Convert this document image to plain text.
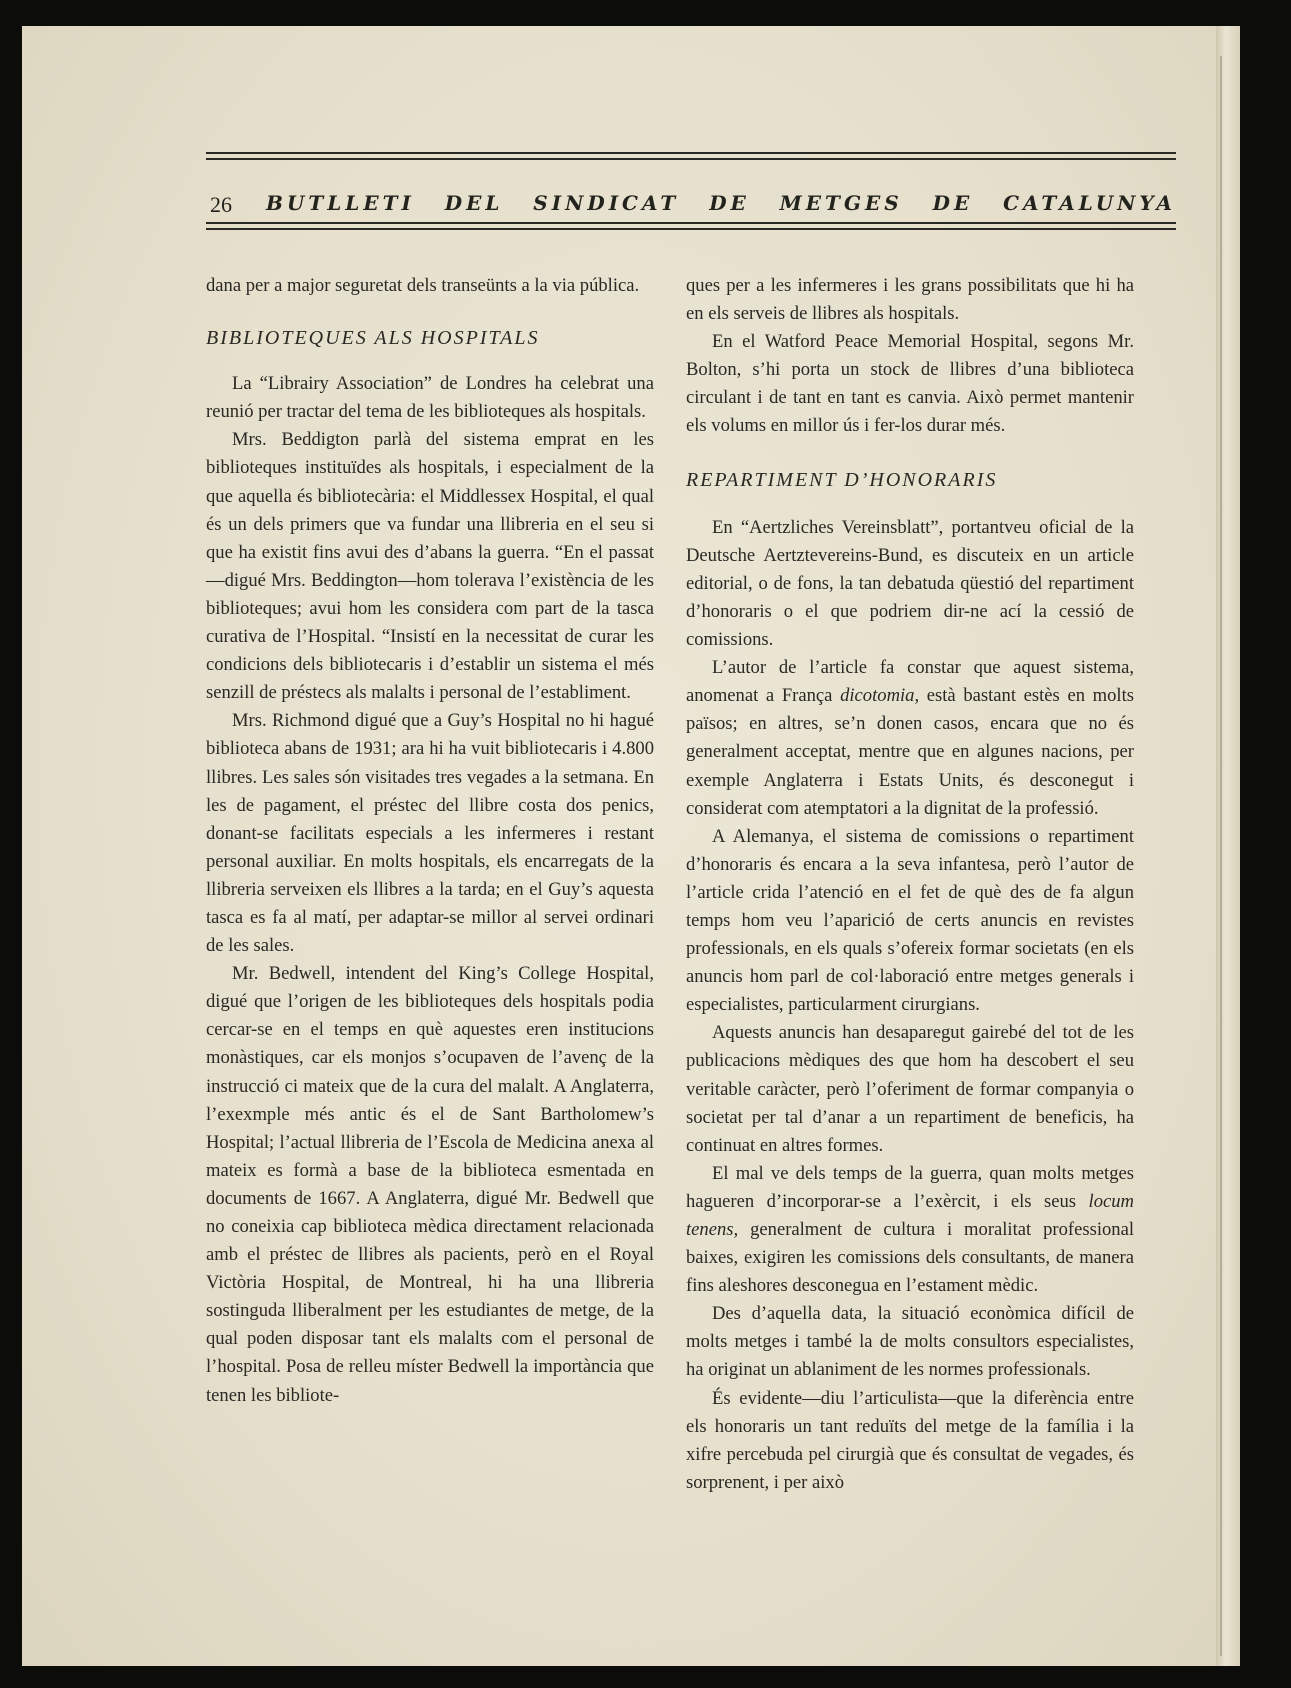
26 BUTLLETI DEL SINDICAT DE METGES DE CATALUNYA

dana per a major seguretat dels transeünts a la via pública.

BIBLIOTEQUES ALS HOSPITALS

La “Librairy Association” de Londres ha celebrat una reunió per tractar del tema de les biblioteques als hospitals.

Mrs. Beddigton parlà del sistema emprat en les biblioteques instituïdes als hospitals, i especialment de la que aquella és bibliotecària: el Middlessex Hospital, el qual és un dels primers que va fundar una llibreria en el seu si que ha existit fins avui des d’abans la guerra. “En el passat—digué Mrs. Beddington—hom tolerava l’existència de les biblioteques; avui hom les considera com part de la tasca curativa de l’Hospital. “Insistí en la necessitat de curar les condicions dels bibliotecaris i d’establir un sistema el més senzill de préstecs als malalts i personal de l’establiment.

Mrs. Richmond digué que a Guy’s Hospital no hi hagué biblioteca abans de 1931; ara hi ha vuit bibliotecaris i 4.800 llibres. Les sales són visitades tres vegades a la setmana. En les de pagament, el préstec del llibre costa dos penics, donant-se facilitats especials a les infermeres i restant personal auxiliar. En molts hospitals, els encarregats de la llibreria serveixen els llibres a la tarda; en el Guy’s aquesta tasca es fa al matí, per adaptar-se millor al servei ordinari de les sales.

Mr. Bedwell, intendent del King’s College Hospital, digué que l’origen de les biblioteques dels hospitals podia cercar-se en el temps en què aquestes eren institucions monàstiques, car els monjos s’ocupaven de l’avenç de la instrucció ci mateix que de la cura del malalt. A Anglaterra, l’exexmple més antic és el de Sant Bartholomew’s Hospital; l’actual llibreria de l’Escola de Medicina anexa al mateix es formà a base de la biblioteca esmentada en documents de 1667. A Anglaterra, digué Mr. Bedwell que no coneixia cap biblioteca mèdica directament relacionada amb el préstec de llibres als pacients, però en el Royal Victòria Hospital, de Montreal, hi ha una llibreria sostinguda lliberalment per les estudiantes de metge, de la qual poden disposar tant els malalts com el personal de l’hospital. Posa de relleu míster Bedwell la importància que tenen les bibliote-

ques per a les infermeres i les grans possibilitats que hi ha en els serveis de llibres als hospitals.

En el Watford Peace Memorial Hospital, segons Mr. Bolton, s’hi porta un stock de llibres d’una biblioteca circulant i de tant en tant es canvia. Això permet mantenir els volums en millor ús i fer-los durar més.

REPARTIMENT D’HONORARIS

En “Aertzliches Vereinsblatt”, portantveu oficial de la Deutsche Aertztevereins-Bund, es discuteix en un article editorial, o de fons, la tan debatuda qüestió del repartiment d’honoraris o el que podriem dir-ne ací la cessió de comissions.

L’autor de l’article fa constar que aquest sistema, anomenat a França dicotomia, està bastant estès en molts països; en altres, se’n donen casos, encara que no és generalment acceptat, mentre que en algunes nacions, per exemple Anglaterra i Estats Units, és desconegut i considerat com atemptatori a la dignitat de la professió.

A Alemanya, el sistema de comissions o repartiment d’honoraris és encara a la seva infantesa, però l’autor de l’article crida l’atenció en el fet de què des de fa algun temps hom veu l’aparició de certs anuncis en revistes professionals, en els quals s’ofereix formar societats (en els anuncis hom parl de col·laboració entre metges generals i especialistes, particularment cirurgians.

Aquests anuncis han desaparegut gairebé del tot de les publicacions mèdiques des que hom ha descobert el seu veritable caràcter, però l’oferiment de formar companyia o societat per tal d’anar a un repartiment de beneficis, ha continuat en altres formes.

El mal ve dels temps de la guerra, quan molts metges hagueren d’incorporar-se a l’exèrcit, i els seus locum tenens, generalment de cultura i moralitat professional baixes, exigiren les comissions dels consultants, de manera fins aleshores desconegua en l’estament mèdic.

Des d’aquella data, la situació econòmica difícil de molts metges i també la de molts consultors especialistes, ha originat un ablaniment de les normes professionals.

És evidente—diu l’articulista—que la diferència entre els honoraris un tant reduïts del metge de la família i la xifre percebuda pel cirurgià que és consultat de vegades, és sorprenent, i per això
